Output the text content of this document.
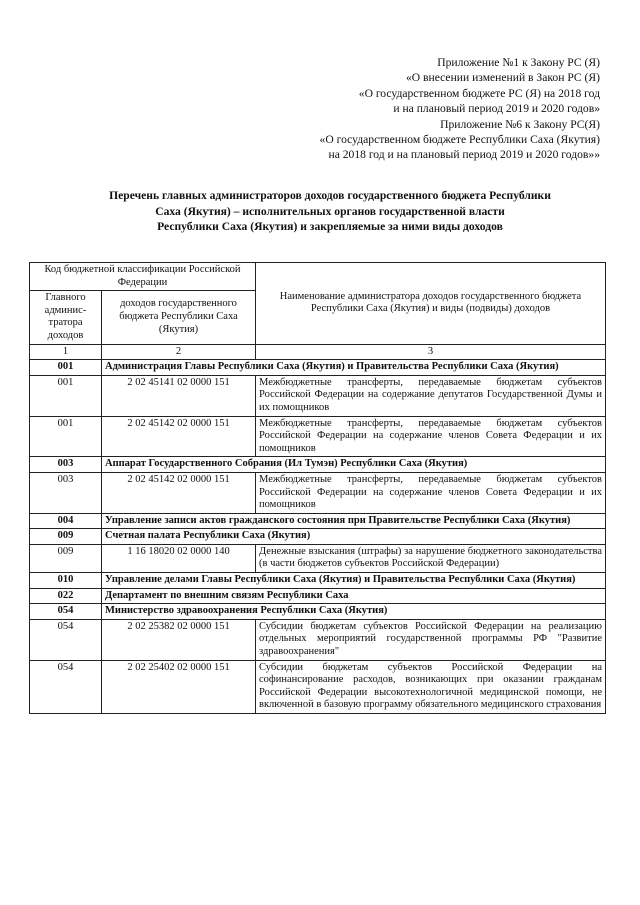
Приложение №1 к Закону РС (Я)
«О внесении изменений в Закон РС (Я)
«О государственном бюджете РС (Я) на 2018 год
и на плановый период 2019 и 2020 годов»
Приложение №6 к Закону РС(Я)
«О государственном бюджете Республики Саха (Якутия)
на 2018 год и на плановый период 2019 и 2020 годов»»
Перечень главных администраторов доходов государственного бюджета Республики
Саха (Якутия) – исполнительных органов государственной власти
Республики Саха (Якутия) и закрепляемые за ними виды доходов
Код бюджетной классификации Российской Федерации		Наименование администратора доходов государственного бюджета Республики Саха (Якутия) и виды (подвиды) доходов
Главного админис-тратора доходов	доходов государственного бюджета Республики Саха (Якутия)	
1	2	3
001	Администрация Главы Республики Саха (Якутия) и Правительства Республики Саха (Якутия)	
001	2 02 45141 02 0000 151	Межбюджетные трансферты, передаваемые бюджетам субъектов Российской Федерации на содержание депутатов Государственной Думы и их помощников
001	2 02 45142 02 0000 151	Межбюджетные трансферты, передаваемые бюджетам субъектов Российской Федерации на содержание членов Совета Федерации и их помощников
003	Аппарат Государственного Собрания (Ил Тумэн) Республики Саха (Якутия)	
003	2 02 45142 02 0000 151	Межбюджетные трансферты, передаваемые бюджетам субъектов Российской Федерации на содержание членов Совета Федерации и их помощников
004	Управление записи актов гражданского состояния при Правительстве Республики Саха (Якутия)	
009	Счетная палата Республики Саха (Якутия)	
009	1 16 18020 02 0000 140	Денежные взыскания (штрафы) за нарушение бюджетного законодательства (в части бюджетов субъектов Российской Федерации)
010	Управление делами Главы Республики Саха (Якутия) и Правительства Республики Саха (Якутия)	
022	Департамент по внешним связям Республики Саха	
054	Министерство здравоохранения Республики Саха (Якутия)	
054	2 02 25382 02 0000 151	Субсидии бюджетам субъектов Российской Федерации на реализацию отдельных мероприятий государственной программы РФ "Развитие здравоохранения"
054	2 02 25402 02 0000 151	Субсидии бюджетам субъектов Российской Федерации на софинансирование расходов, возникающих при оказании гражданам Российской Федерации высокотехнологичной медицинской помощи, не включенной в базовую программу обязательного медицинского страхования
